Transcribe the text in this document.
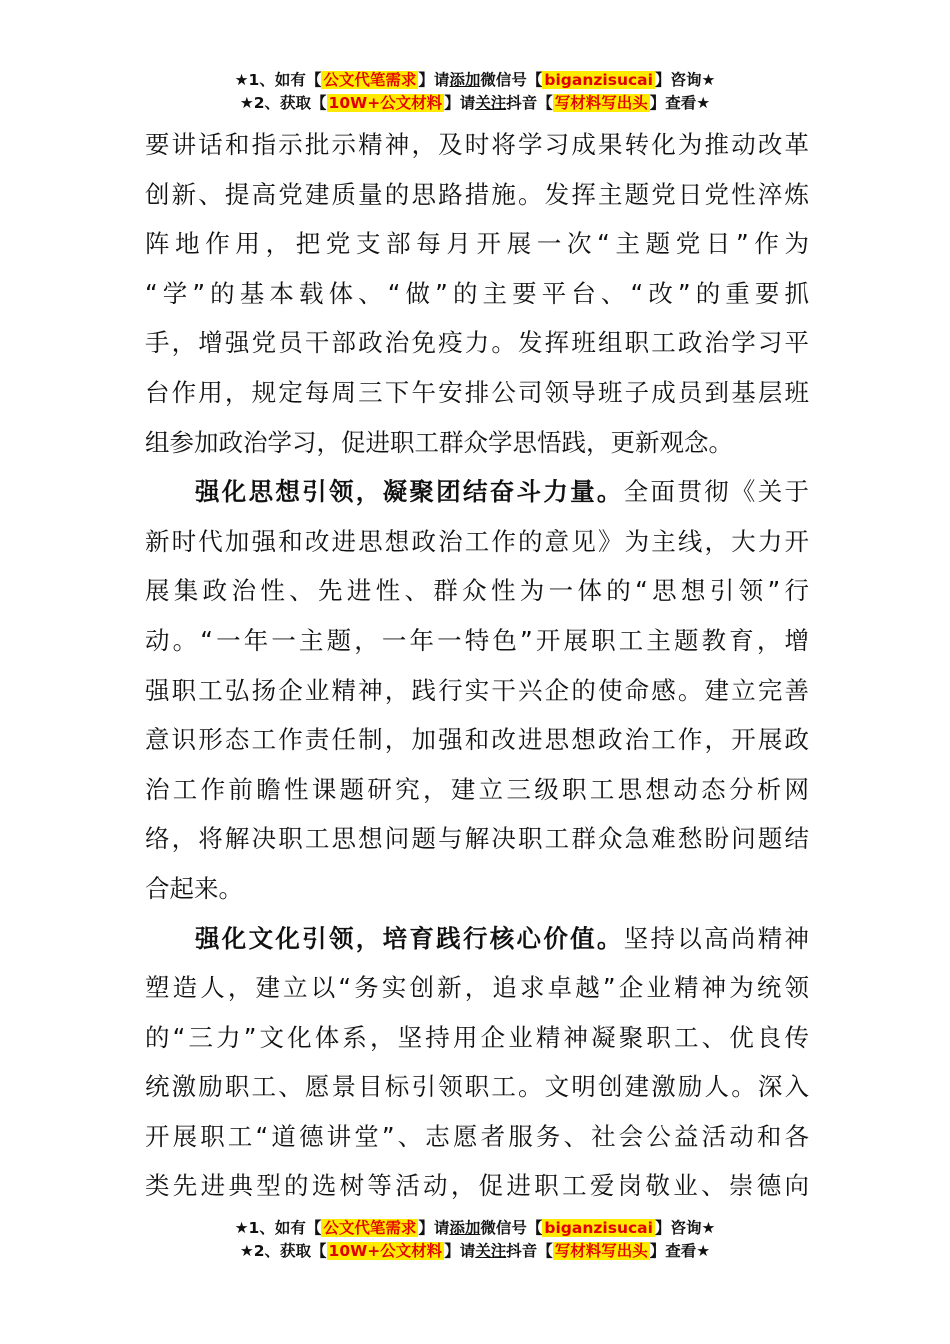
★1、如有【 公文代笔需求 】请添加微信号【 biganzisucai 】咨询★
★2、获取【 10W+公文材料 】请关注抖音【 写材料写出头 】查看★
要讲话和指示批示精神，及时将学习成果转化为推动改革
创新、提高党建质量的思路措施。发挥主题党日党性淬炼
阵地作用，把党支部每月开展一次“主题党日”作为
“学”的基本载体、“做”的主要平台、“改”的重要抓
手，增强党员干部政治免疫力。发挥班组职工政治学习平
台作用，规定每周三下午安排公司领导班子成员到基层班
组参加政治学习，促进职工群众学思悟践，更新观念。
强化思想引领，凝聚团结奋斗力量。全面贯彻《关于
新时代加强和改进思想政治工作的意见》为主线，大力开
展集政治性、先进性、群众性为一体的“思想引领”行
动。“一年一主题，一年一特色”开展职工主题教育，增
强职工弘扬企业精神，践行实干兴企的使命感。建立完善
意识形态工作责任制，加强和改进思想政治工作，开展政
治工作前瞻性课题研究，建立三级职工思想动态分析网
络，将解决职工思想问题与解决职工群众急难愁盼问题结
合起来。
强化文化引领，培育践行核心价值。坚持以高尚精神
塑造人，建立以“务实创新，追求卓越”企业精神为统领
的“三力”文化体系，坚持用企业精神凝聚职工、优良传
统激励职工、愿景目标引领职工。文明创建激励人。深入
开展职工“道德讲堂”、志愿者服务、社会公益活动和各
类先进典型的选树等活动，促进职工爱岗敬业、崇德向
★1、如有【 公文代笔需求 】请添加微信号【 biganzisucai 】咨询★
★2、获取【 10W+公文材料 】请关注抖音【 写材料写出头 】查看★
